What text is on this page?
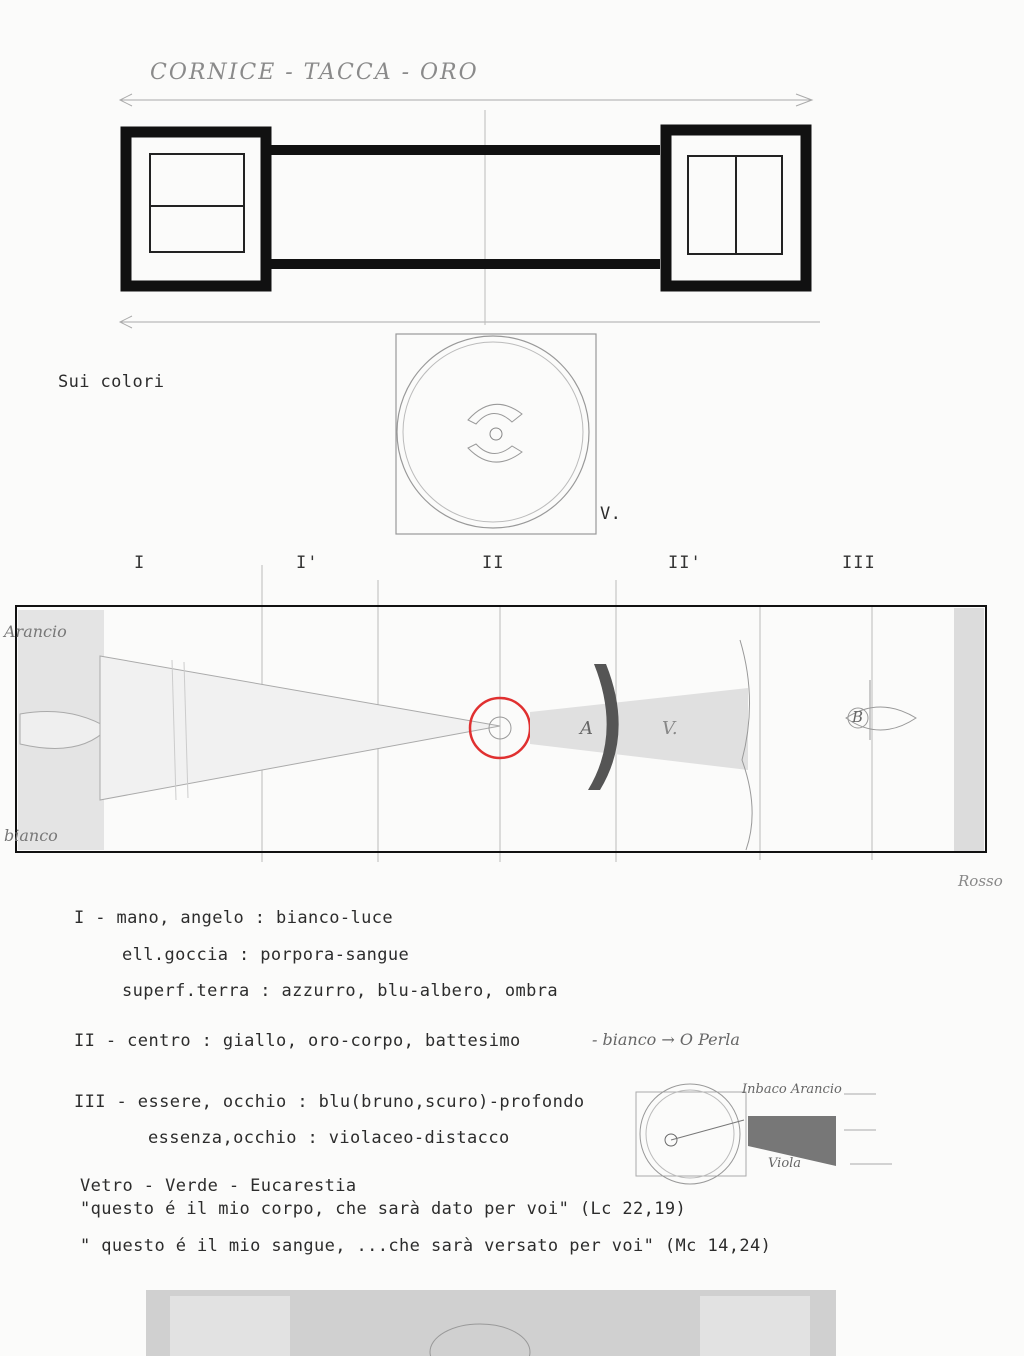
CORNICE - TACCA - ORO
Sui colori
V.
I	I'	II	II'	III
Arancio
bianco
A	V.
B
Rosso
I - mano, angelo : bianco-luce
ell.goccia : porpora-sangue
superf.terra : azzurro, blu-albero, ombra
II - centro : giallo, oro-corpo, battesimo	- bianco → O Perla
III - essere, occhio : blu(bruno,scuro)-profondo
essenza,occhio : violaceo-distacco
Vetro - Verde - Eucarestia
"questo é il mio corpo, che sarà dato per voi" (Lc 22,19)
" questo é il mio sangue, ...che sarà versato per voi" (Mc 14,24)
Inbaco Arancio
Viola
